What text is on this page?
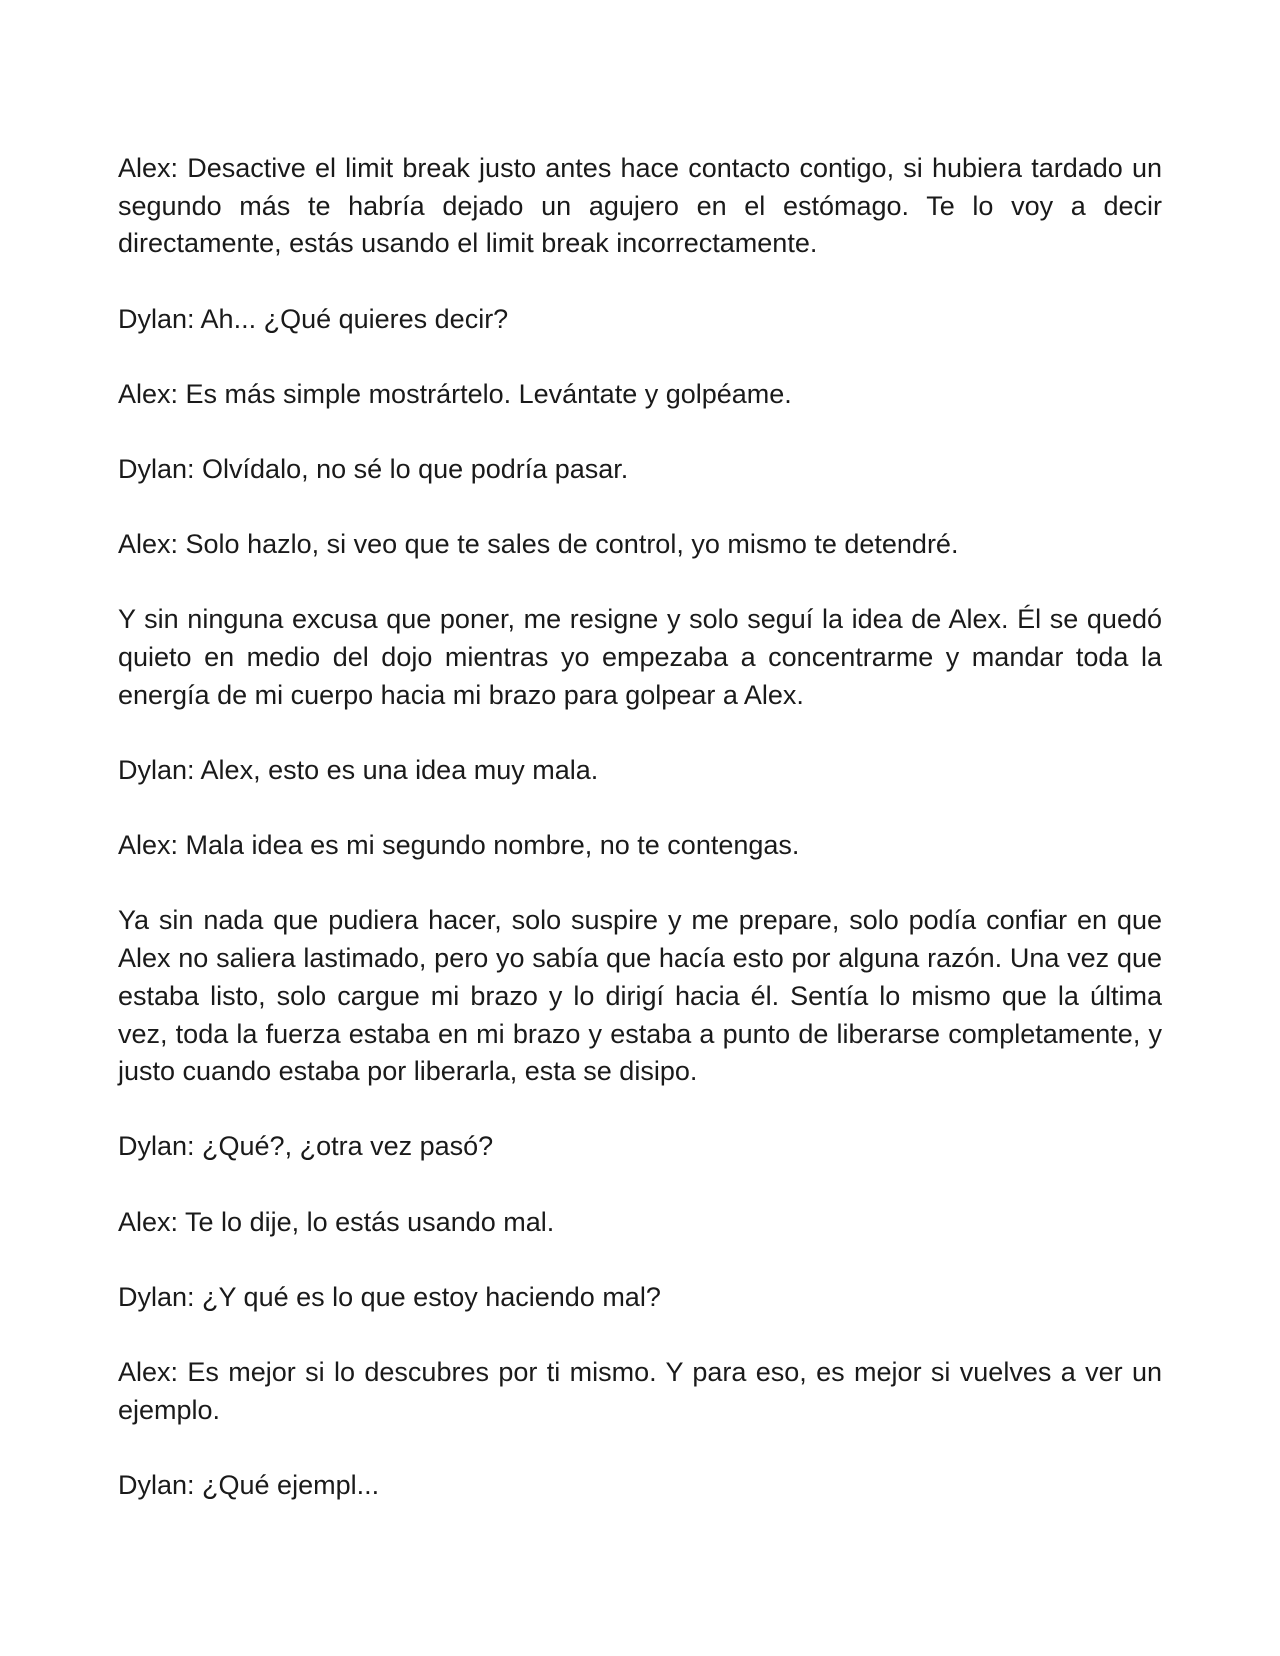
Alex: Desactive el limit break justo antes hace contacto contigo, si hubiera tardado un segundo más te habría dejado un agujero en el estómago. Te lo voy a decir directamente, estás usando el limit break incorrectamente.

Dylan: Ah... ¿Qué quieres decir?

Alex: Es más simple mostrártelo. Levántate y golpéame.

Dylan: Olvídalo, no sé lo que podría pasar.

Alex: Solo hazlo, si veo que te sales de control, yo mismo te detendré.

Y sin ninguna excusa que poner, me resigne y solo seguí la idea de Alex. Él se quedó quieto en medio del dojo mientras yo empezaba a concentrarme y mandar toda la energía de mi cuerpo hacia mi brazo para golpear a Alex.

Dylan: Alex, esto es una idea muy mala.

Alex: Mala idea es mi segundo nombre, no te contengas.

Ya sin nada que pudiera hacer, solo suspire y me prepare, solo podía confiar en que Alex no saliera lastimado, pero yo sabía que hacía esto por alguna razón. Una vez que estaba listo, solo cargue mi brazo y lo dirigí hacia él. Sentía lo mismo que la última vez, toda la fuerza estaba en mi brazo y estaba a punto de liberarse completamente, y justo cuando estaba por liberarla, esta se disipo.

Dylan: ¿Qué?, ¿otra vez pasó?

Alex: Te lo dije, lo estás usando mal.

Dylan: ¿Y qué es lo que estoy haciendo mal?

Alex: Es mejor si lo descubres por ti mismo. Y para eso, es mejor si vuelves a ver un ejemplo.

Dylan: ¿Qué ejempl...
